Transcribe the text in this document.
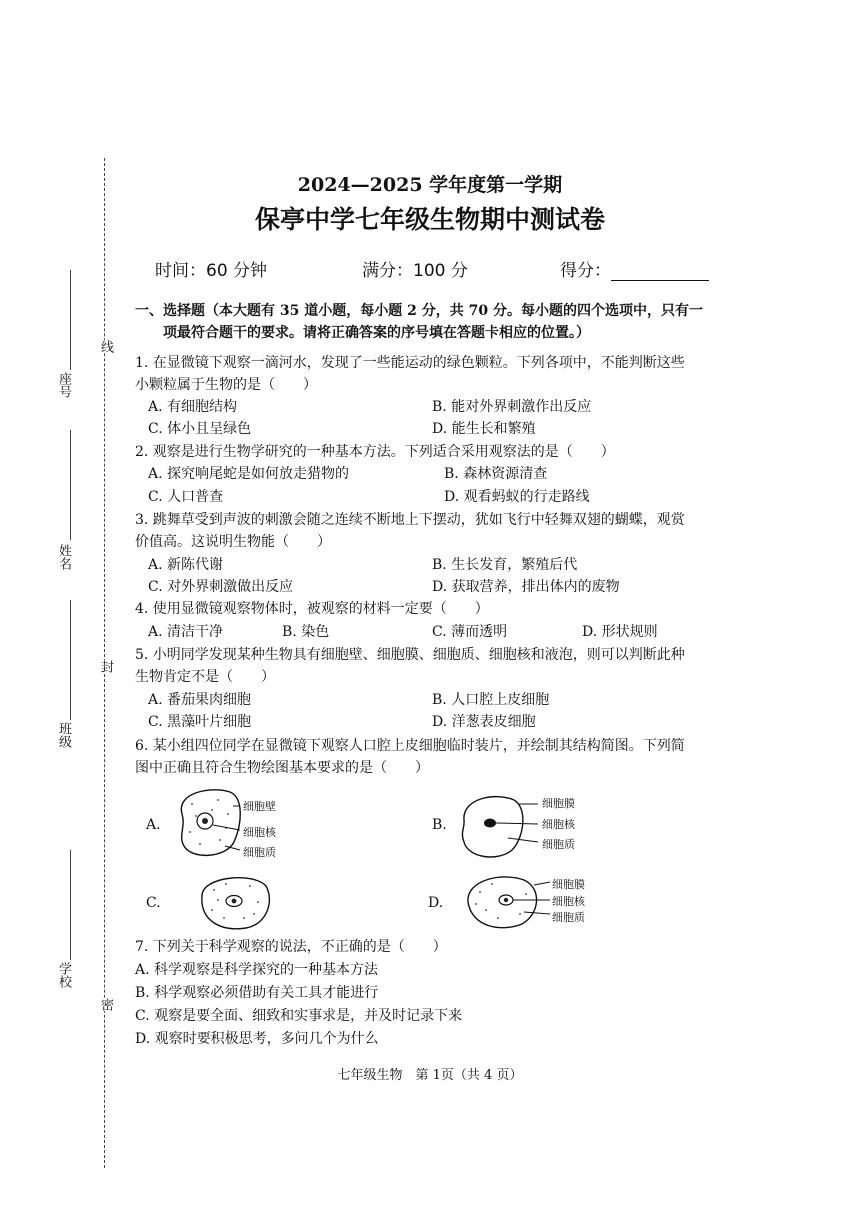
线
封
密
座号
姓名
班级
学校
2024—2025 学年度第一学期
保亭中学七年级生物期中测试卷
时间：60 分钟	满分：100 分	得分：
一、选择题（本大题有 35 道小题，每小题 2 分，共 70 分。每小题的四个选项中，只有一
项最符合题干的要求。请将正确答案的序号填在答题卡相应的位置。）
1. 在显微镜下观察一滴河水，发现了一些能运动的绿色颗粒。下列各项中，不能判断这些
小颗粒属于生物的是（　　）
A. 有细胞结构	B. 能对外界刺激作出反应
C. 体小且呈绿色	D. 能生长和繁殖
2. 观察是进行生物学研究的一种基本方法。下列适合采用观察法的是（　　）
A. 探究响尾蛇是如何放走猎物的	B. 森林资源清查
C. 人口普查	D. 观看蚂蚁的行走路线
3. 跳舞草受到声波的刺激会随之连续不断地上下摆动，犹如飞行中轻舞双翅的蝴蝶，观赏
价值高。这说明生物能（　　）
A. 新陈代谢	B. 生长发育，繁殖后代
C. 对外界刺激做出反应	D. 获取营养，排出体内的废物
4. 使用显微镜观察物体时，被观察的材料一定要（　　）
A. 清洁干净	B. 染色	C. 薄而透明	D. 形状规则
5. 小明同学发现某种生物具有细胞壁、细胞膜、细胞质、细胞核和液泡，则可以判断此种
生物肯定不是（　　）
A. 番茄果肉细胞	B. 人口腔上皮细胞
C. 黑藻叶片细胞	D. 洋葱表皮细胞
6. 某小组四位同学在显微镜下观察人口腔上皮细胞临时装片，并绘制其结构简图。下列简
图中正确且符合生物绘图基本要求的是（　　）
A.	B.
C.	D.
细胞壁
细胞核
细胞质
细胞膜
细胞核
细胞质
细胞膜
细胞核
细胞质
7. 下列关于科学观察的说法，不正确的是（　　）
A. 科学观察是科学探究的一种基本方法
B. 科学观察必须借助有关工具才能进行
C. 观察是要全面、细致和实事求是，并及时记录下来
D. 观察时要积极思考，多问几个为什么
七年级生物　第 1页（共 4 页）
